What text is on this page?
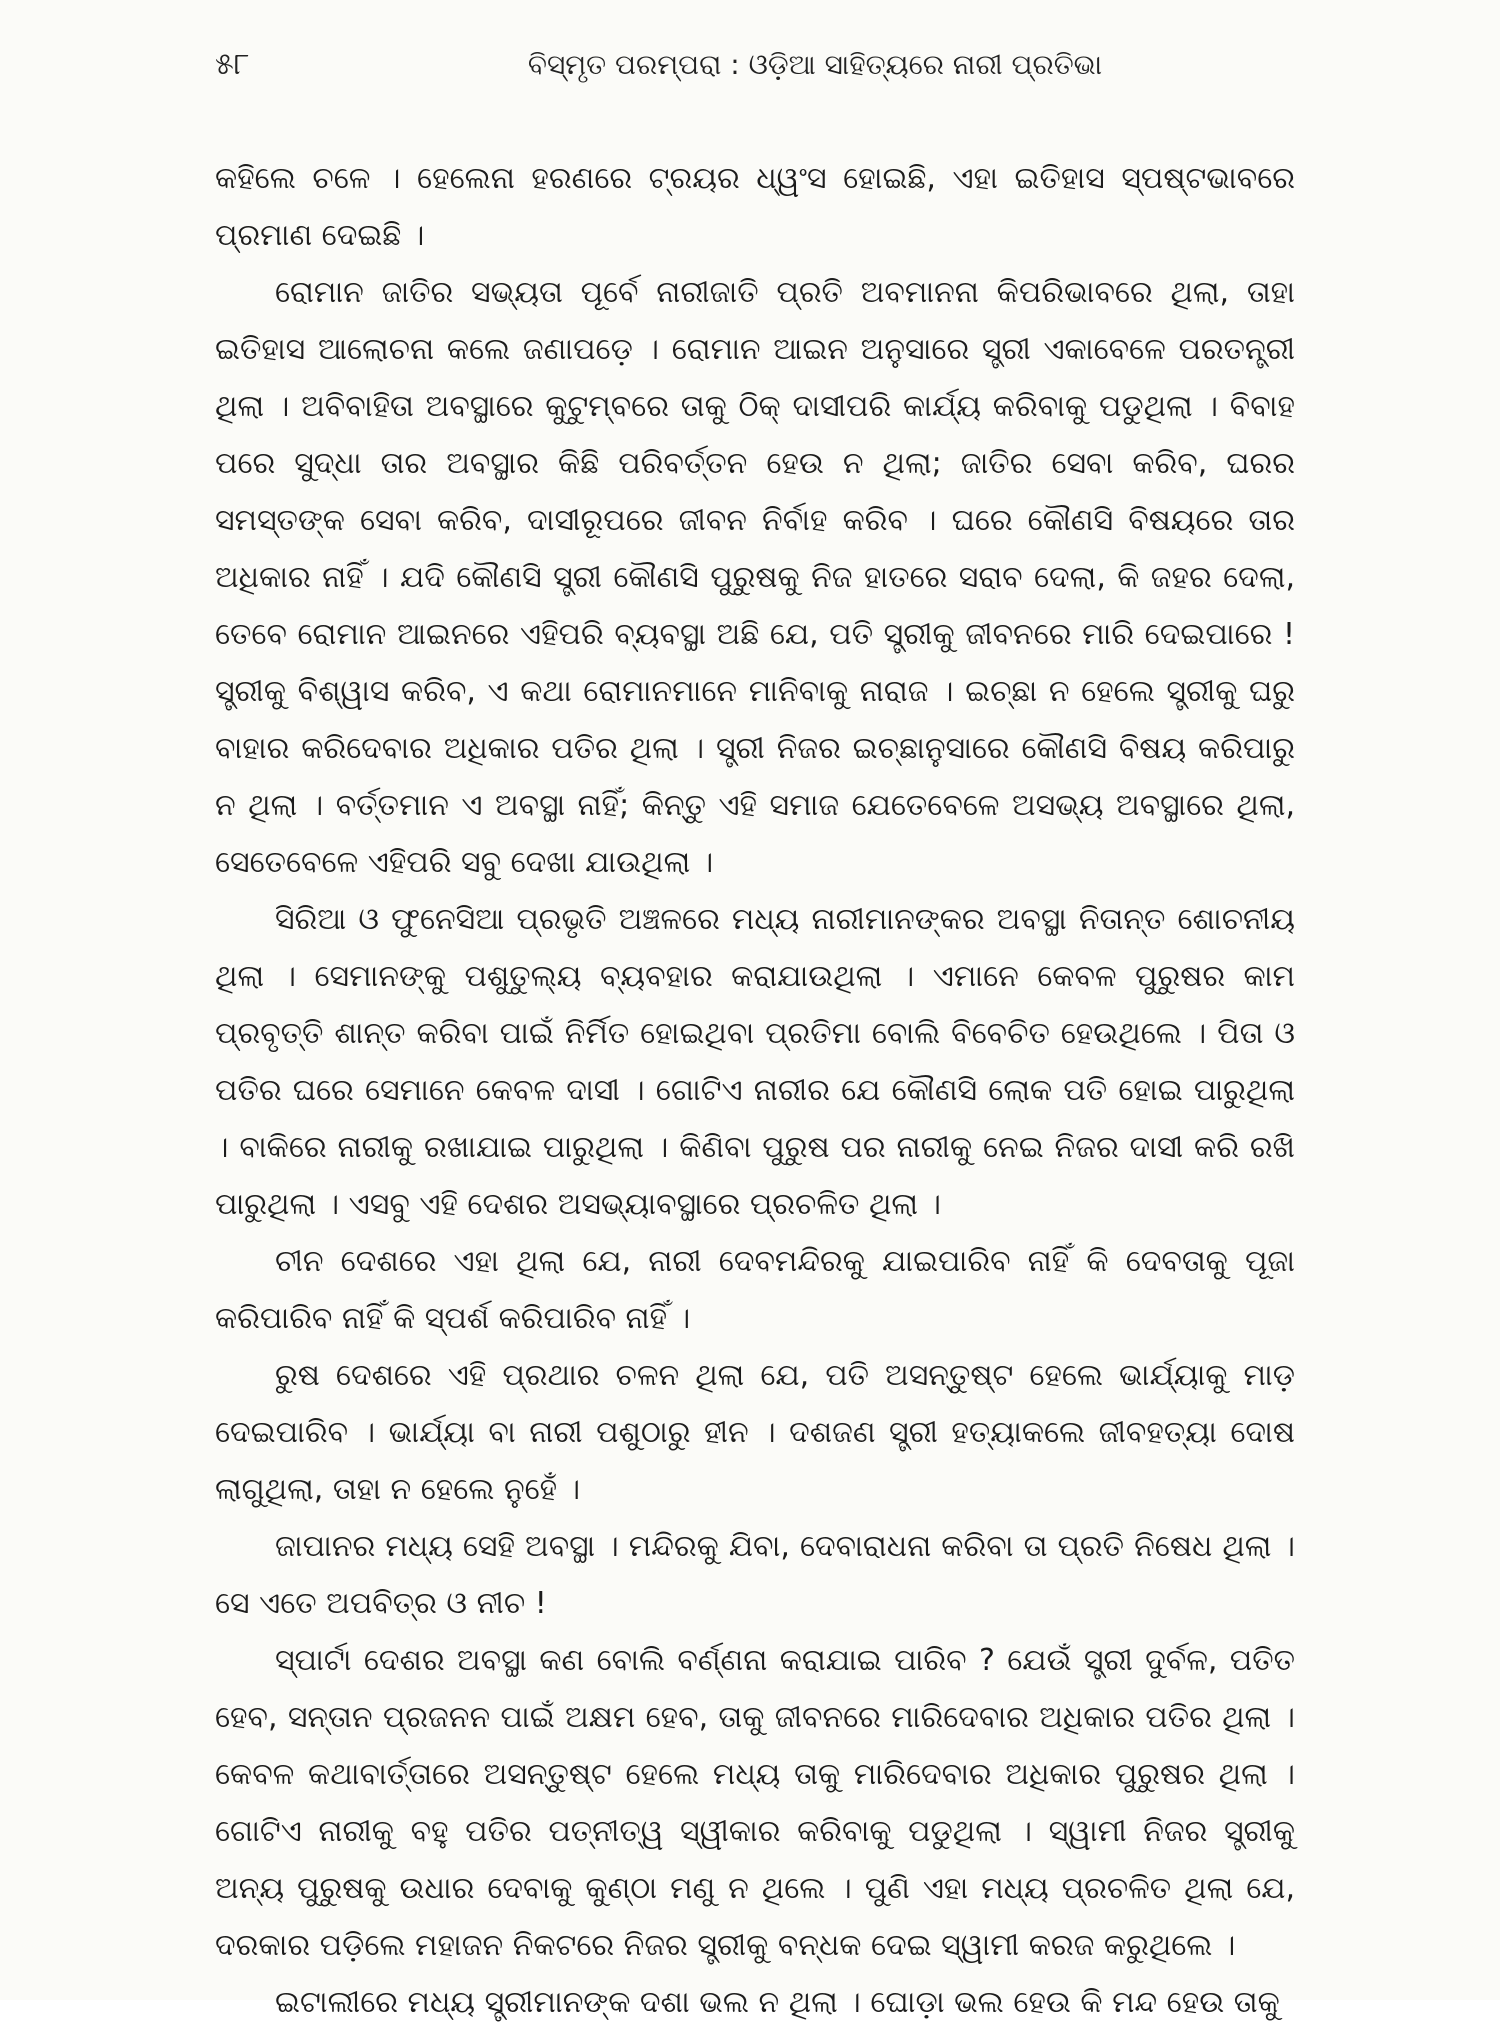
୫୮	ବିସ୍ମୃତ ପରମ୍ପରା : ଓଡ଼ିଆ ସାହିତ୍ୟରେ ନାରୀ ପ୍ରତିଭା

କହିଲେ ଚଳେ । ହେଲେନା ହରଣରେ ଟ୍ରୟର ଧ୍ୱଂସ ହୋଇଛି, ଏହା ଇତିହାସ ସ୍ପଷ୍ଟଭାବରେ ପ୍ରମାଣ ଦେଇଛି ।

ରୋମାନ ଜାତିର ସଭ୍ୟତା ପୂର୍ବେ ନାରୀଜାତି ପ୍ରତି ଅବମାନନା କିପରିଭାବରେ ଥିଲା, ତାହା ଇତିହାସ ଆଲୋଚନା କଲେ ଜଣାପଡ଼େ । ରୋମାନ ଆଇନ ଅନୁସାରେ ସ୍ତ୍ରୀ ଏକାବେଳେ ପରତନ୍ତ୍ରୀ ଥିଲା । ଅବିବାହିତା ଅବସ୍ଥାରେ କୁଟୁମ୍ବରେ ତାକୁ ଠିକ୍ ଦାସୀପରି କାର୍ଯ୍ୟ କରିବାକୁ ପଡୁଥିଲା । ବିବାହ ପରେ ସୁଦ୍ଧା ତାର ଅବସ୍ଥାର କିଛି ପରିବର୍ତ୍ତନ ହେଉ ନ ଥିଲା; ଜାତିର ସେବା କରିବ, ଘରର ସମସ୍ତଙ୍କ ସେବା କରିବ, ଦାସୀରୂପରେ ଜୀବନ ନିର୍ବାହ କରିବ । ଘରେ କୌଣସି ବିଷୟରେ ତାର ଅଧିକାର ନାହିଁ । ଯଦି କୌଣସି ସ୍ତ୍ରୀ କୌଣସି ପୁରୁଷକୁ ନିଜ ହାତରେ ସରାବ ଦେଲା, କି ଜହର ଦେଲା, ତେବେ ରୋମାନ ଆଇନରେ ଏହିପରି ବ୍ୟବସ୍ଥା ଅଛି ଯେ, ପତି ସ୍ତ୍ରୀକୁ ଜୀବନରେ ମାରି ଦେଇପାରେ ! ସ୍ତ୍ରୀକୁ ବିଶ୍ୱାସ କରିବ, ଏ କଥା ରୋମାନମାନେ ମାନିବାକୁ ନାରାଜ । ଇଚ୍ଛା ନ ହେଲେ ସ୍ତ୍ରୀକୁ ଘରୁ ବାହାର କରିଦେବାର ଅଧିକାର ପତିର ଥିଲା । ସ୍ତ୍ରୀ ନିଜର ଇଚ୍ଛାନୁସାରେ କୌଣସି ବିଷୟ କରିପାରୁ ନ ଥିଲା । ବର୍ତ୍ତମାନ ଏ ଅବସ୍ଥା ନାହିଁ; କିନ୍ତୁ ଏହି ସମାଜ ଯେତେବେଳେ ଅସଭ୍ୟ ଅବସ୍ଥାରେ ଥିଲା, ସେତେବେଳେ ଏହିପରି ସବୁ ଦେଖା ଯାଉଥିଲା ।

ସିରିଆ ଓ ଫୁନେସିଆ ପ୍ରଭୃତି ଅଞ୍ଚଳରେ ମଧ୍ୟ ନାରୀମାନଙ୍କର ଅବସ୍ଥା ନିତାନ୍ତ ଶୋଚନୀୟ ଥିଲା । ସେମାନଙ୍କୁ ପଶୁତୁଲ୍ୟ ବ୍ୟବହାର କରାଯାଉଥିଲା । ଏମାନେ କେବଳ ପୁରୁଷର କାମ ପ୍ରବୃତ୍ତି ଶାନ୍ତ କରିବା ପାଇଁ ନିର୍ମିତ ହୋଇଥିବା ପ୍ରତିମା ବୋଲି ବିବେଚିତ ହେଉଥିଲେ । ପିତା ଓ ପତିର ଘରେ ସେମାନେ କେବଳ ଦାସୀ । ଗୋଟିଏ ନାରୀର ଯେ କୌଣସି ଲୋକ ପତି ହୋଇ ପାରୁଥିଲା । ବାକିରେ ନାରୀକୁ ରଖାଯାଇ ପାରୁଥିଲା । କିଣିବା ପୁରୁଷ ପର ନାରୀକୁ ନେଇ ନିଜର ଦାସୀ କରି ରଖି ପାରୁଥିଲା । ଏସବୁ ଏହି ଦେଶର ଅସଭ୍ୟାବସ୍ଥାରେ ପ୍ରଚଳିତ ଥିଲା ।

ଚୀନ ଦେଶରେ ଏହା ଥିଲା ଯେ, ନାରୀ ଦେବମନ୍ଦିରକୁ ଯାଇପାରିବ ନାହିଁ କି ଦେବତାକୁ ପୂଜା କରିପାରିବ ନାହିଁ କି ସ୍ପର୍ଶ କରିପାରିବ ନାହିଁ ।

ରୁଷ ଦେଶରେ ଏହି ପ୍ରଥାର ଚଳନ ଥିଲା ଯେ, ପତି ଅସନ୍ତୁଷ୍ଟ ହେଲେ ଭାର୍ଯ୍ୟାକୁ ମାଡ଼ ଦେଇପାରିବ । ଭାର୍ଯ୍ୟା ବା ନାରୀ ପଶୁଠାରୁ ହୀନ । ଦଶଜଣ ସ୍ତ୍ରୀ ହତ୍ୟାକଲେ ଜୀବହତ୍ୟା ଦୋଷ ଲାଗୁଥିଲା, ତାହା ନ ହେଲେ ନୁହେଁ ।

ଜାପାନର ମଧ୍ୟ ସେହି ଅବସ୍ଥା । ମନ୍ଦିରକୁ ଯିବା, ଦେବାରାଧନା କରିବା ତା ପ୍ରତି ନିଷେଧ ଥିଲା । ସେ ଏତେ ଅପବିତ୍ର ଓ ନୀଚ !

ସ୍ପାର୍ଟା ଦେଶର ଅବସ୍ଥା କଣ ବୋଲି ବର୍ଣ୍ଣନା କରାଯାଇ ପାରିବ ? ଯେଉଁ ସ୍ତ୍ରୀ ଦୁର୍ବଳ, ପତିତ ହେବ, ସନ୍ତାନ ପ୍ରଜନନ ପାଇଁ ଅକ୍ଷମ ହେବ, ତାକୁ ଜୀବନରେ ମାରିଦେବାର ଅଧିକାର ପତିର ଥିଲା । କେବଳ କଥାବାର୍ତ୍ତାରେ ଅସନ୍ତୁଷ୍ଟ ହେଲେ ମଧ୍ୟ ତାକୁ ମାରିଦେବାର ଅଧିକାର ପୁରୁଷର ଥିଲା । ଗୋଟିଏ ନାରୀକୁ ବହୁ ପତିର ପତ୍ନୀତ୍ୱ ସ୍ୱୀକାର କରିବାକୁ ପଡୁଥିଲା । ସ୍ୱାମୀ ନିଜର ସ୍ତ୍ରୀକୁ ଅନ୍ୟ ପୁରୁଷକୁ ଉଧାର ଦେବାକୁ କୁଣ୍ଠା ମଣୁ ନ ଥିଲେ । ପୁଣି ଏହା ମଧ୍ୟ ପ୍ରଚଳିତ ଥିଲା ଯେ, ଦରକାର ପଡ଼ିଲେ ମହାଜନ ନିକଟରେ ନିଜର ସ୍ତ୍ରୀକୁ ବନ୍ଧକ ଦେଇ ସ୍ୱାମୀ କରଜ କରୁଥିଲେ ।

ଇଟାଲୀରେ ମଧ୍ୟ ସ୍ତ୍ରୀମାନଙ୍କ ଦଶା ଭଲ ନ ଥିଲା । ଘୋଡ଼ା ଭଲ ହେଉ କି ମନ୍ଦ ହେଉ ତାକୁ
